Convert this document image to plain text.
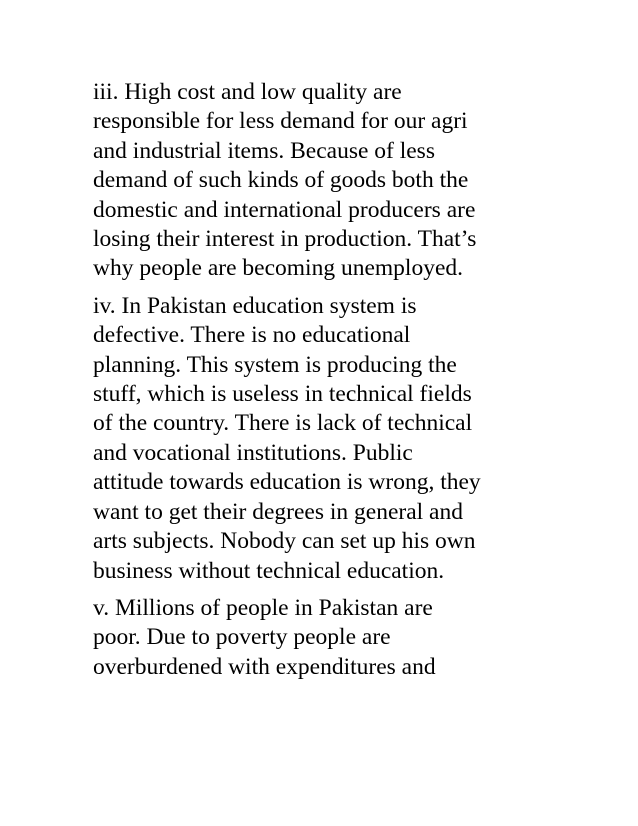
iii. High cost and low quality are
responsible for less demand for our agri
and industrial items. Because of less
demand of such kinds of goods both the
domestic and international producers are
losing their interest in production. That’s
why people are becoming unemployed.

iv. In Pakistan education system is
defective. There is no educational
planning. This system is producing the
stuff, which is useless in technical fields
of the country. There is lack of technical
and vocational institutions. Public
attitude towards education is wrong, they
want to get their degrees in general and
arts subjects. Nobody can set up his own
business without technical education.

v. Millions of people in Pakistan are
poor. Due to poverty people are
overburdened with expenditures and
